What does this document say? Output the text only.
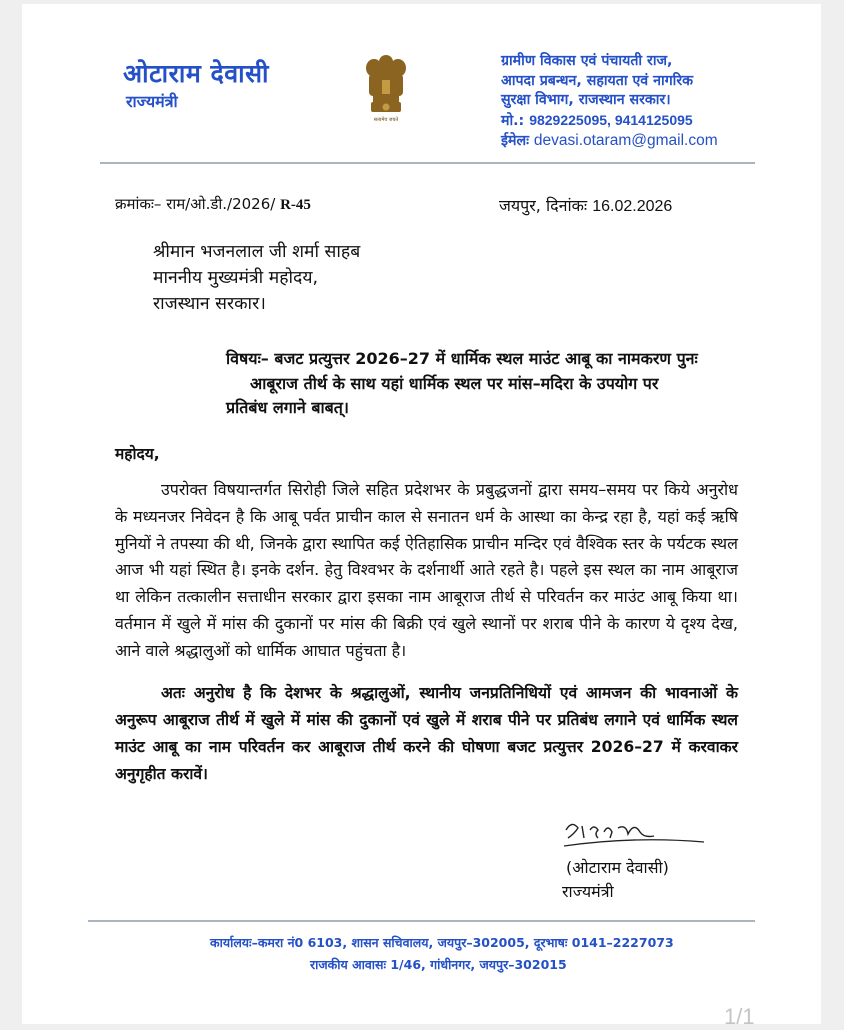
ओटाराम देवासी
राज्यमंत्री
सत्यमेव जयते
ग्रामीण विकास एवं पंचायती राज,
आपदा प्रबन्धन, सहायता एवं नागरिक
सुरक्षा विभाग, राजस्थान सरकार।
मो.: 9829225095, 9414125095
ईमेलः devasi.otaram@gmail.com
क्रमांकः– राम/ओ.डी./2026/ R-45	जयपुर, दिनांकः 16.02.2026
श्रीमान भजनलाल जी शर्मा साहब
माननीय मुख्यमंत्री महोदय,
राजस्थान सरकार।
विषयः– बजट प्रत्युत्तर 2026–27 में धार्मिक स्थल माउंट आबू का नामकरण पुनः
आबूराज तीर्थ के साथ यहां धार्मिक स्थल पर मांस–मदिरा के उपयोग पर
प्रतिबंध लगाने बाबत्।
महोदय,
उपरोक्त विषयान्तर्गत सिरोही जिले सहित प्रदेशभर के प्रबुद्धजनों द्वारा समय–समय पर किये अनुरोध के मध्यनजर निवेदन है कि आबू पर्वत प्राचीन काल से सनातन धर्म के आस्था का केन्द्र रहा है, यहां कई ऋषि मुनियों ने तपस्या की थी, जिनके द्वारा स्थापित कई ऐतिहासिक प्राचीन मन्दिर एवं वैश्विक स्तर के पर्यटक स्थल आज भी यहां स्थित है। इनके दर्शन. हेतु विश्वभर के दर्शनार्थी आते रहते है। पहले इस स्थल का नाम आबूराज था लेकिन तत्कालीन सत्ताधीन सरकार द्वारा इसका नाम आबूराज तीर्थ से परिवर्तन कर माउंट आबू किया था। वर्तमान में खुले में मांस की दुकानों पर मांस की बिक्री एवं खुले स्थानों पर शराब पीने के कारण ये दृश्य देख, आने वाले श्रद्धालुओं को धार्मिक आघात पहुंचता है।
अतः अनुरोध है कि देशभर के श्रद्धालुओं, स्थानीय जनप्रतिनिधियों एवं आमजन की भावनाओं के अनुरूप आबूराज तीर्थ में खुले में मांस की दुकानों एवं खुले में शराब पीने पर प्रतिबंध लगाने एवं धार्मिक स्थल माउंट आबू का नाम परिवर्तन कर आबूराज तीर्थ करने की घोषणा बजट प्रत्युत्तर 2026–27 में करवाकर अनुगृहीत करावें।
(ओटाराम देवासी)
राज्यमंत्री
कार्यालयः–कमरा नं0 6103, शासन सचिवालय, जयपुर–302005, दूरभाषः 0141–2227073
राजकीय आवासः 1/46, गांधीनगर, जयपुर–302015
1/1
